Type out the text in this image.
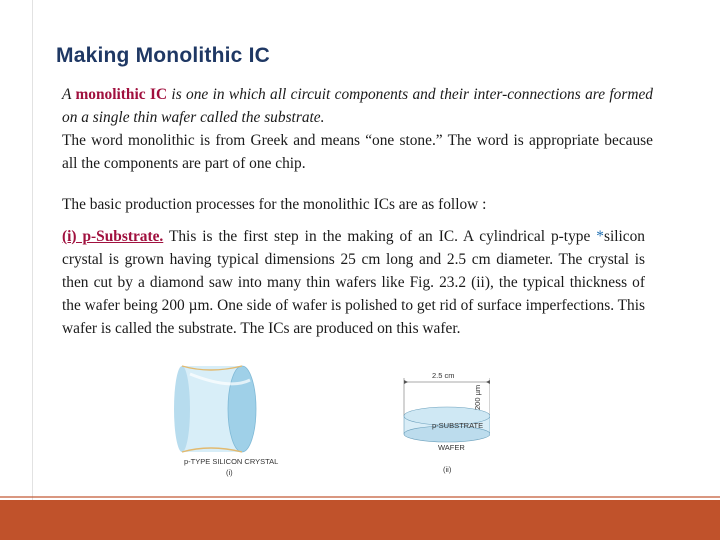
Making Monolithic IC
A monolithic IC is one in which all circuit components and their inter-connections are formed on a single thin wafer called the substrate.
The word monolithic is from Greek and means “one stone.” The word is appropriate because all the components are part of one chip.
The basic production processes for the monolithic ICs are as follow :
(i) p-Substrate. This is the first step in the making of an IC. A cylindrical p-type *silicon crystal is grown having typical dimensions 25 cm long and 2.5 cm diameter. The crystal is then cut by a diamond saw into many thin wafers like Fig. 23.2 (ii), the typical thickness of the wafer being 200 µm. One side of wafer is polished to get rid of surface imperfections. This wafer is called the substrate. The ICs are produced on this wafer.
p-TYPE SILICON CRYSTAL
(i)
2.5 cm
200 µm
p-SUBSTRATE
WAFER
(ii)
